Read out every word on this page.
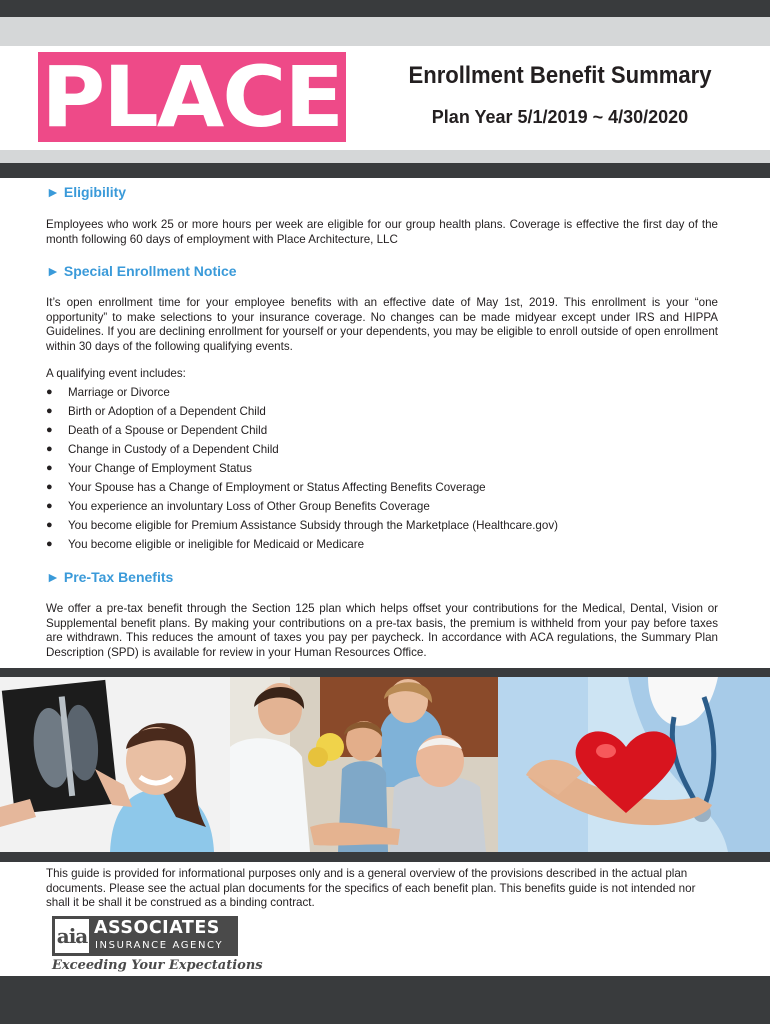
PLACE	Enrollment Benefit Summary
Plan Year 5/1/2019 ~ 4/30/2020
► Eligibility

Employees who work 25 or more hours per week are eligible for our group health plans. Coverage is effective the first day of the month following 60 days of employment with Place Architecture, LLC

► Special Enrollment Notice

It’s open enrollment time for your employee benefits with an effective date of May 1st, 2019. This enrollment is your “one opportunity” to make selections to your insurance coverage. No changes can be made midyear except under IRS and HIPPA Guidelines. If you are declining enrollment for yourself or your dependents, you may be eligible to enroll outside of open enrollment within 30 days of the following qualifying events.

A qualifying event includes:
● Marriage or Divorce
● Birth or Adoption of a Dependent Child
● Death of a Spouse or Dependent Child
● Change in Custody of a Dependent Child
● Your Change of Employment Status
● Your Spouse has a Change of Employment or Status Affecting Benefits Coverage
● You experience an involuntary Loss of Other Group Benefits Coverage
● You become eligible for Premium Assistance Subsidy through the Marketplace (Healthcare.gov)
● You become eligible or ineligible for Medicaid or Medicare
► Pre-Tax Benefits

We offer a pre-tax benefit through the Section 125 plan which helps offset your contributions for the Medical, Dental, Vision or Supplemental benefit plans. By making your contributions on a pre-tax basis, the premium is withheld from your pay before taxes are withdrawn. This reduces the amount of taxes you pay per paycheck. In accordance with ACA regulations, the Summary Plan Description (SPD) is available for review in your Human Resources Office.

This guide is provided for informational purposes only and is a general overview of the provisions described in the actual plan documents. Please see the actual plan documents for the specifics of each benefit plan. This benefits guide is not intended nor shall it be shall it be construed as a binding contract.

aia ASSOCIATES
INSURANCE AGENCY
Exceeding Your Expectations
